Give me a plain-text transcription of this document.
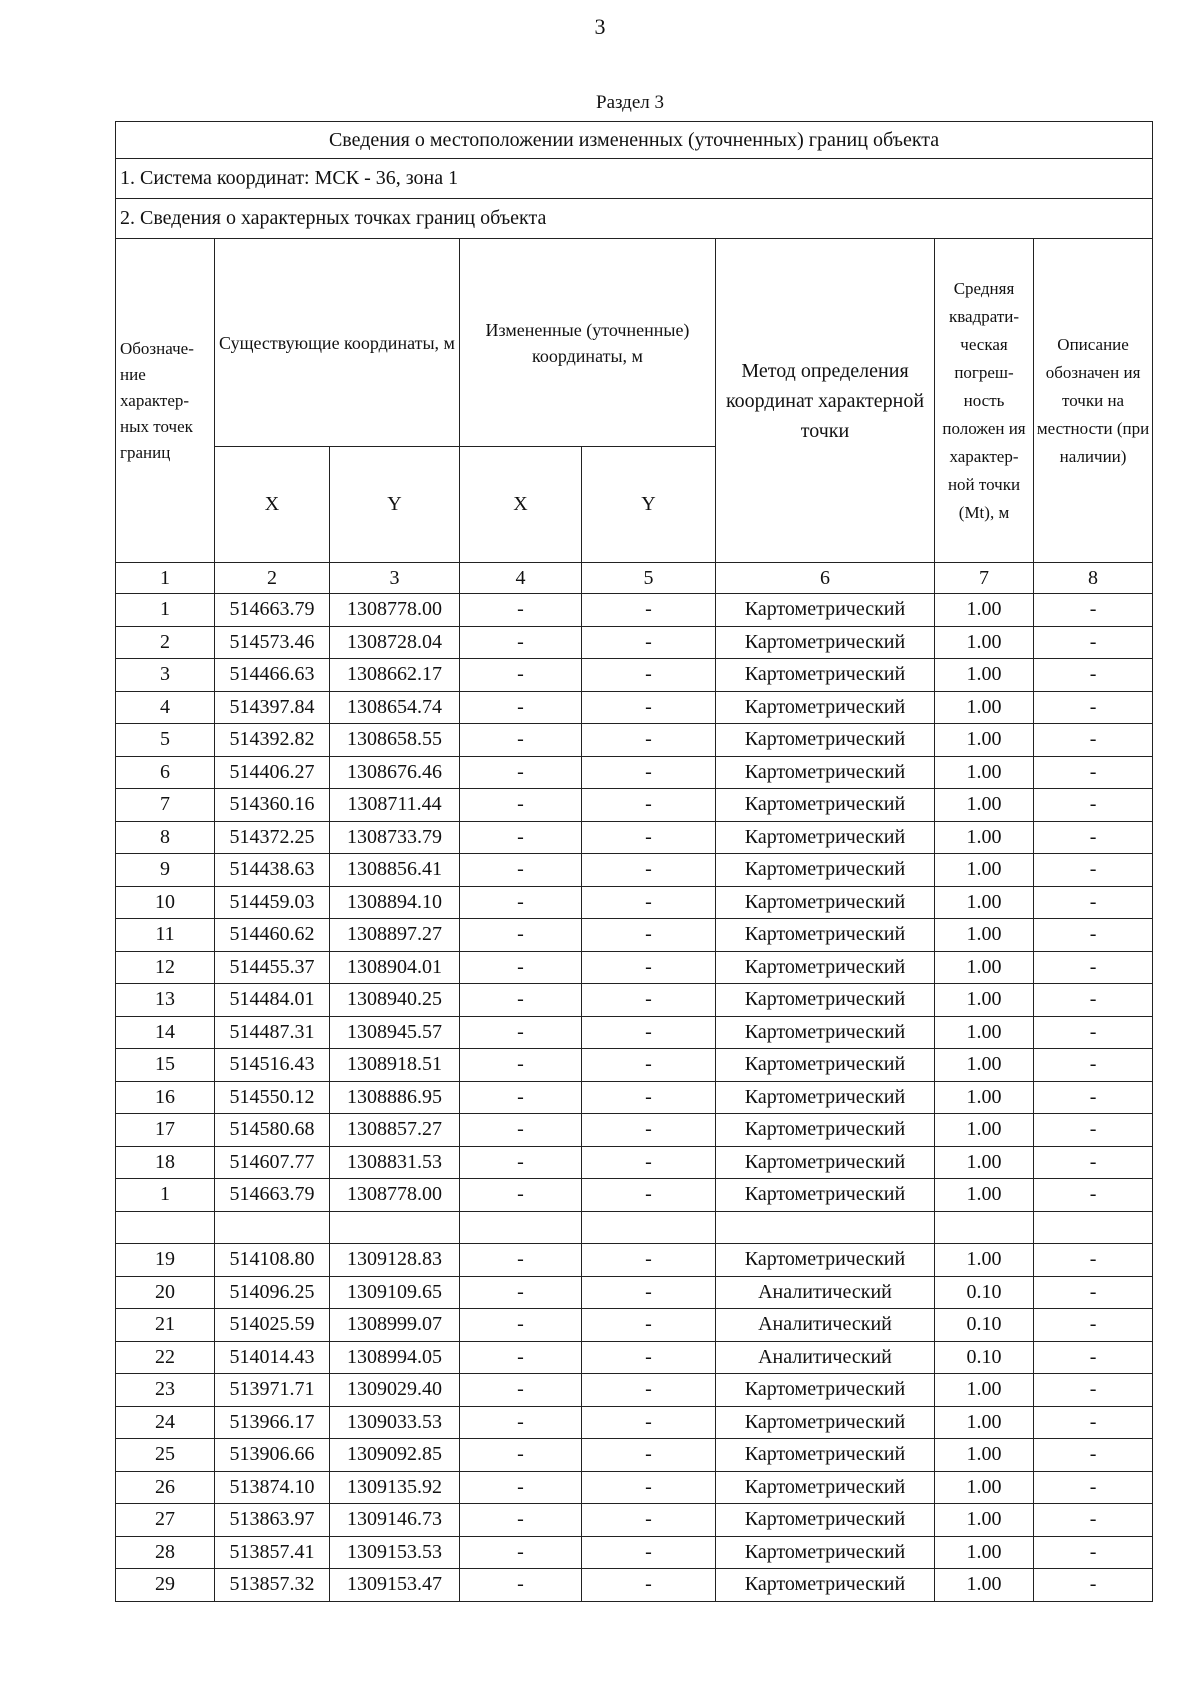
3
Раздел 3
Сведения о местоположении измененных (уточненных) границ объекта							
1. Система координат: МСК - 36, зона 1							
2. Сведения о характерных точках границ объекта							
Обозначе- ние характер- ных точек границ	Существующие координаты, м		Измененные (уточненные) координаты, м		Метод определения координат характерной точки	Средняя квадрати- ческая погреш- ность положен ия характер- ной точки (Mt), м	Описание обозначен ия точки на местности (при наличии)
	X	Y	X	Y			
1	2	3	4	5	6	7	8
1	514663.79	1308778.00	-	-	Картометрический	1.00	-
2	514573.46	1308728.04	-	-	Картометрический	1.00	-
3	514466.63	1308662.17	-	-	Картометрический	1.00	-
4	514397.84	1308654.74	-	-	Картометрический	1.00	-
5	514392.82	1308658.55	-	-	Картометрический	1.00	-
6	514406.27	1308676.46	-	-	Картометрический	1.00	-
7	514360.16	1308711.44	-	-	Картометрический	1.00	-
8	514372.25	1308733.79	-	-	Картометрический	1.00	-
9	514438.63	1308856.41	-	-	Картометрический	1.00	-
10	514459.03	1308894.10	-	-	Картометрический	1.00	-
11	514460.62	1308897.27	-	-	Картометрический	1.00	-
12	514455.37	1308904.01	-	-	Картометрический	1.00	-
13	514484.01	1308940.25	-	-	Картометрический	1.00	-
14	514487.31	1308945.57	-	-	Картометрический	1.00	-
15	514516.43	1308918.51	-	-	Картометрический	1.00	-
16	514550.12	1308886.95	-	-	Картометрический	1.00	-
17	514580.68	1308857.27	-	-	Картометрический	1.00	-
18	514607.77	1308831.53	-	-	Картометрический	1.00	-
1	514663.79	1308778.00	-	-	Картометрический	1.00	-

19	514108.80	1309128.83	-	-	Картометрический	1.00	-
20	514096.25	1309109.65	-	-	Аналитический	0.10	-
21	514025.59	1308999.07	-	-	Аналитический	0.10	-
22	514014.43	1308994.05	-	-	Аналитический	0.10	-
23	513971.71	1309029.40	-	-	Картометрический	1.00	-
24	513966.17	1309033.53	-	-	Картометрический	1.00	-
25	513906.66	1309092.85	-	-	Картометрический	1.00	-
26	513874.10	1309135.92	-	-	Картометрический	1.00	-
27	513863.97	1309146.73	-	-	Картометрический	1.00	-
28	513857.41	1309153.53	-	-	Картометрический	1.00	-
29	513857.32	1309153.47	-	-	Картометрический	1.00	-
